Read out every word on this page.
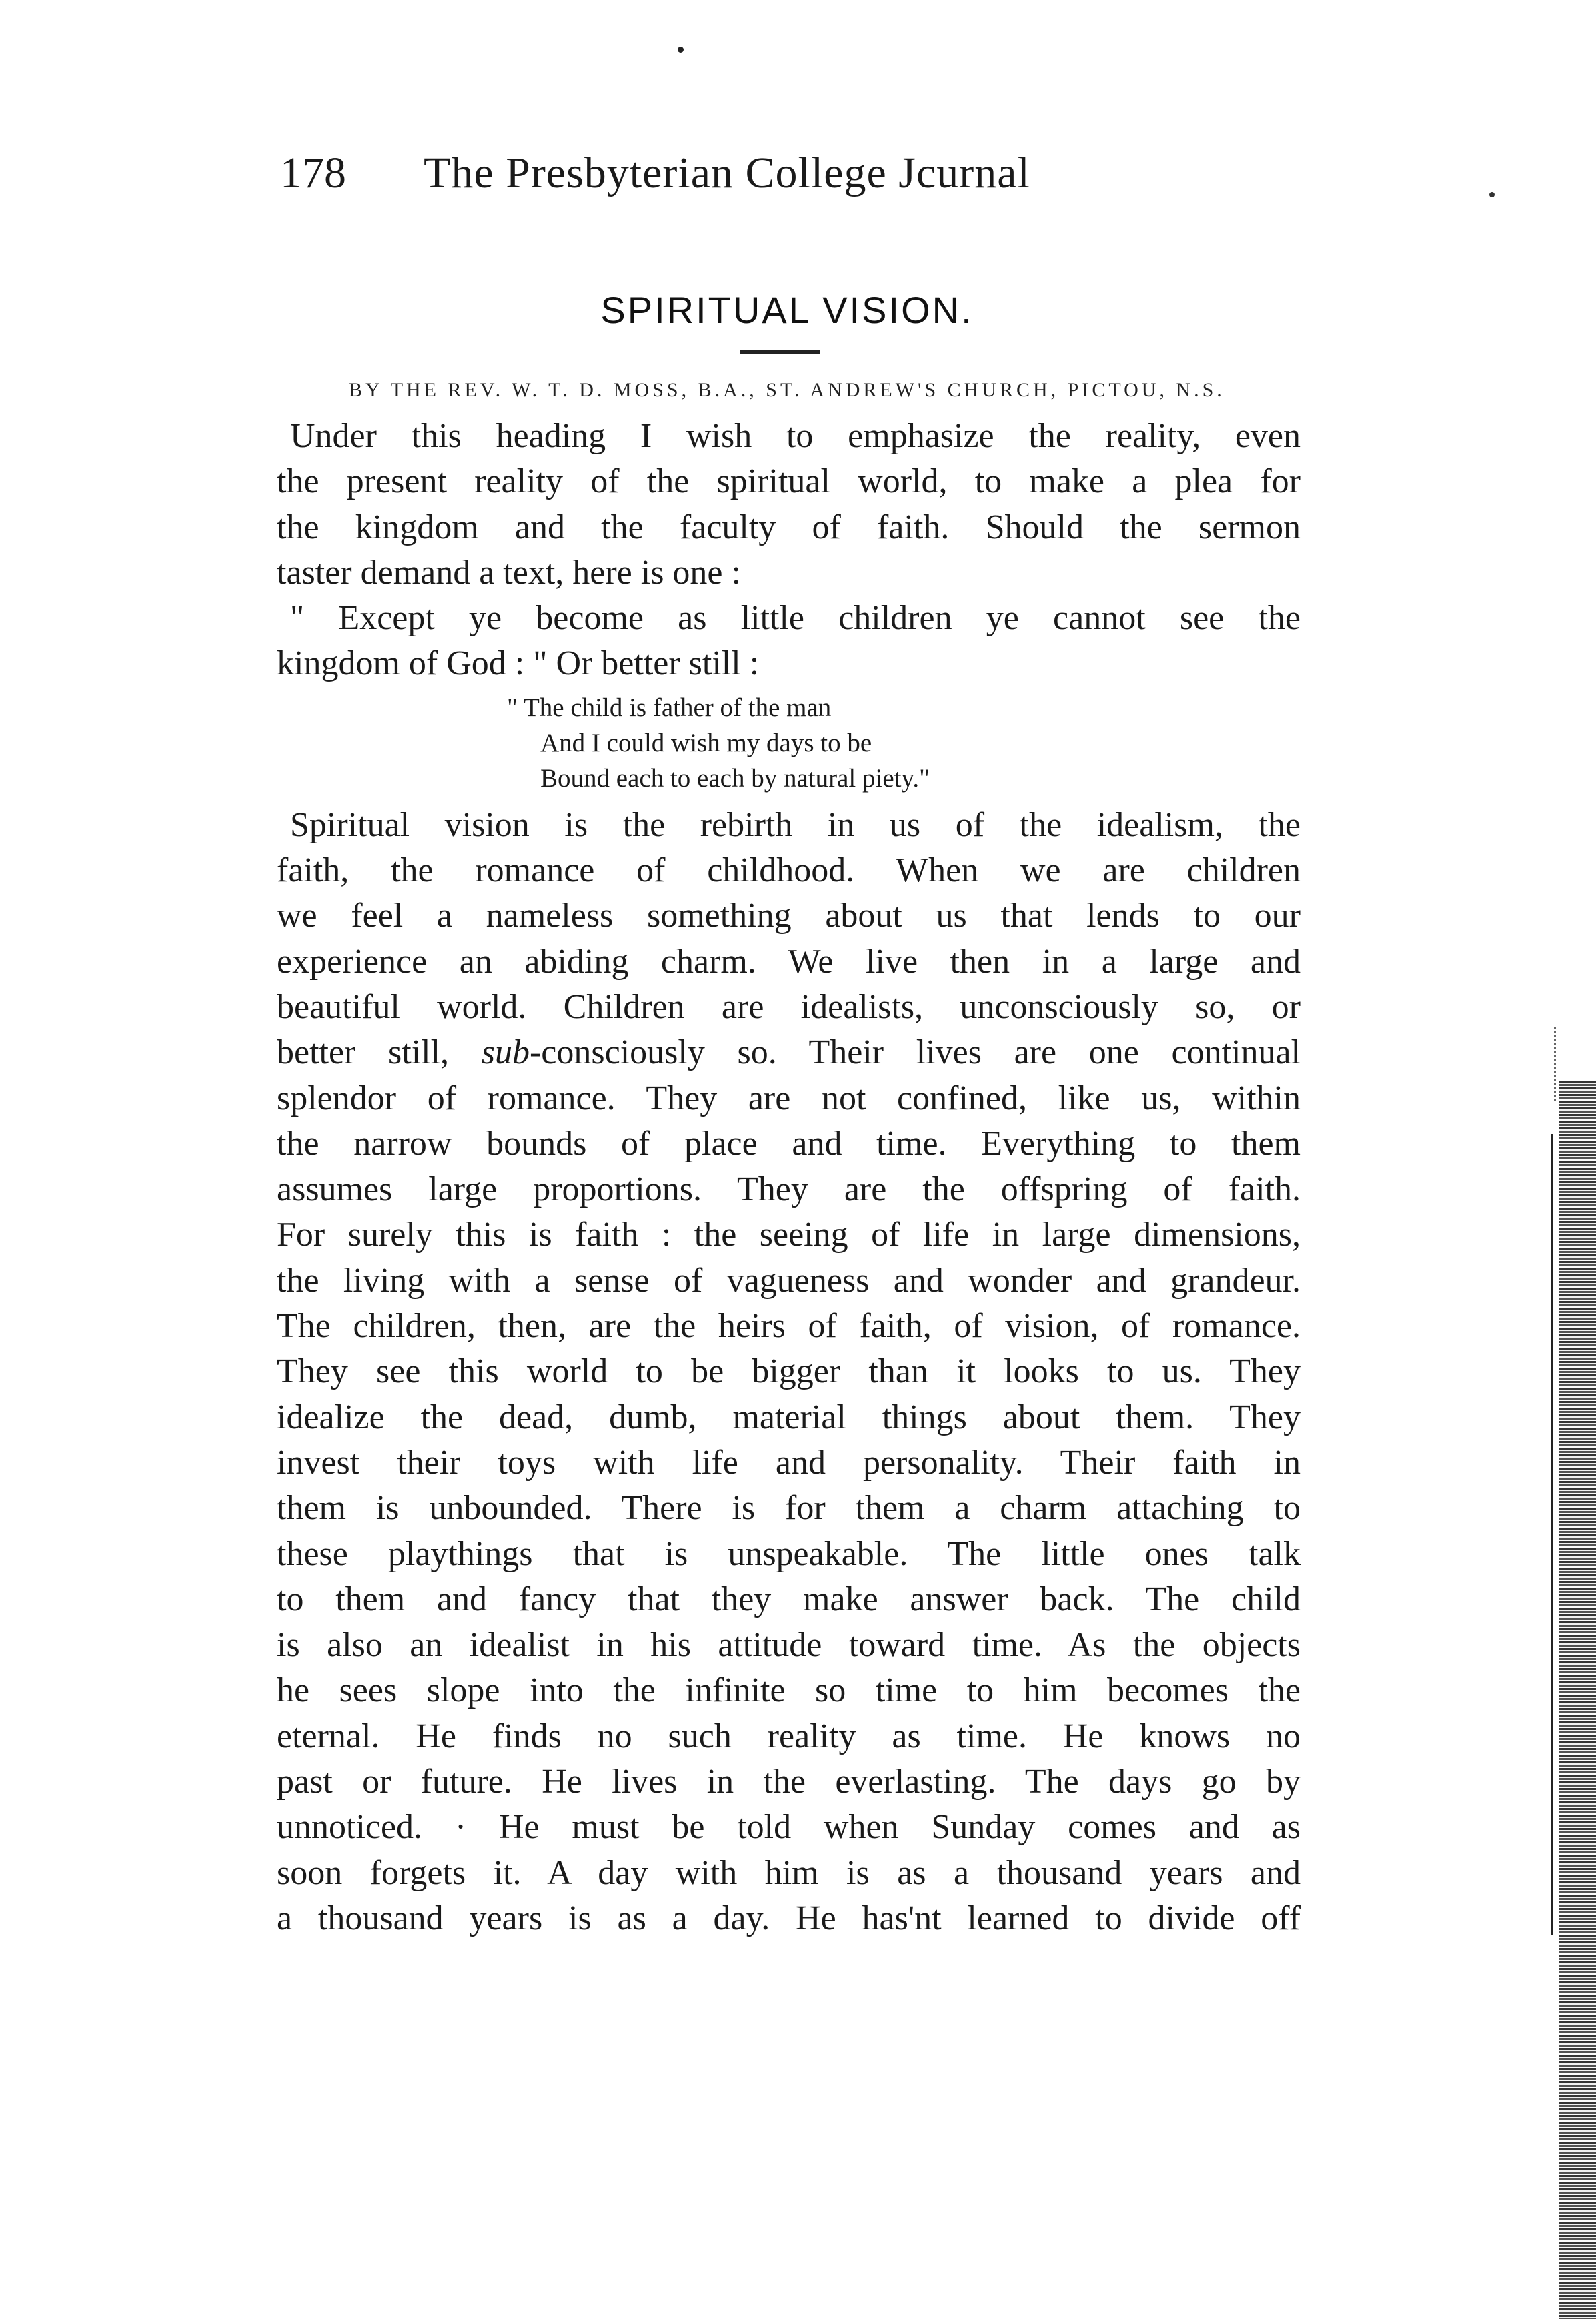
178 The Presbyterian College Jcurnal
SPIRITUAL VISION.
BY THE REV. W. T. D. MOSS, B.A., ST. ANDREW'S CHURCH, PICTOU, N.S.
Under this heading I wish to emphasize the reality, even
the present reality of the spiritual world, to make a plea for
the kingdom and the faculty of faith. Should the sermon
taster demand a text, here is one :
" Except ye become as little children ye cannot see the
kingdom of God : " Or better still :
" The child is father of the man
And I could wish my days to be
Bound each to each by natural piety."
Spiritual vision is the rebirth in us of the idealism, the
faith, the romance of childhood. When we are children
we feel a nameless something about us that lends to our
experience an abiding charm. We live then in a large and
beautiful world. Children are idealists, unconsciously so, or
better still, sub-consciously so. Their lives are one continual
splendor of romance. They are not confined, like us, within
the narrow bounds of place and time. Everything to them
assumes large proportions. They are the offspring of faith.
For surely this is faith : the seeing of life in large dimensions,
the living with a sense of vagueness and wonder and grandeur.
The children, then, are the heirs of faith, of vision, of romance.
They see this world to be bigger than it looks to us. They
idealize the dead, dumb, material things about them. They
invest their toys with life and personality. Their faith in
them is unbounded. There is for them a charm attaching to
these playthings that is unspeakable. The little ones talk
to them and fancy that they make answer back. The child
is also an idealist in his attitude toward time. As the objects
he sees slope into the infinite so time to him becomes the
eternal. He finds no such reality as time. He knows no
past or future. He lives in the everlasting. The days go by
unnoticed. · He must be told when Sunday comes and as
soon forgets it. A day with him is as a thousand years and
a thousand years is as a day. He has'nt learned to divide off
